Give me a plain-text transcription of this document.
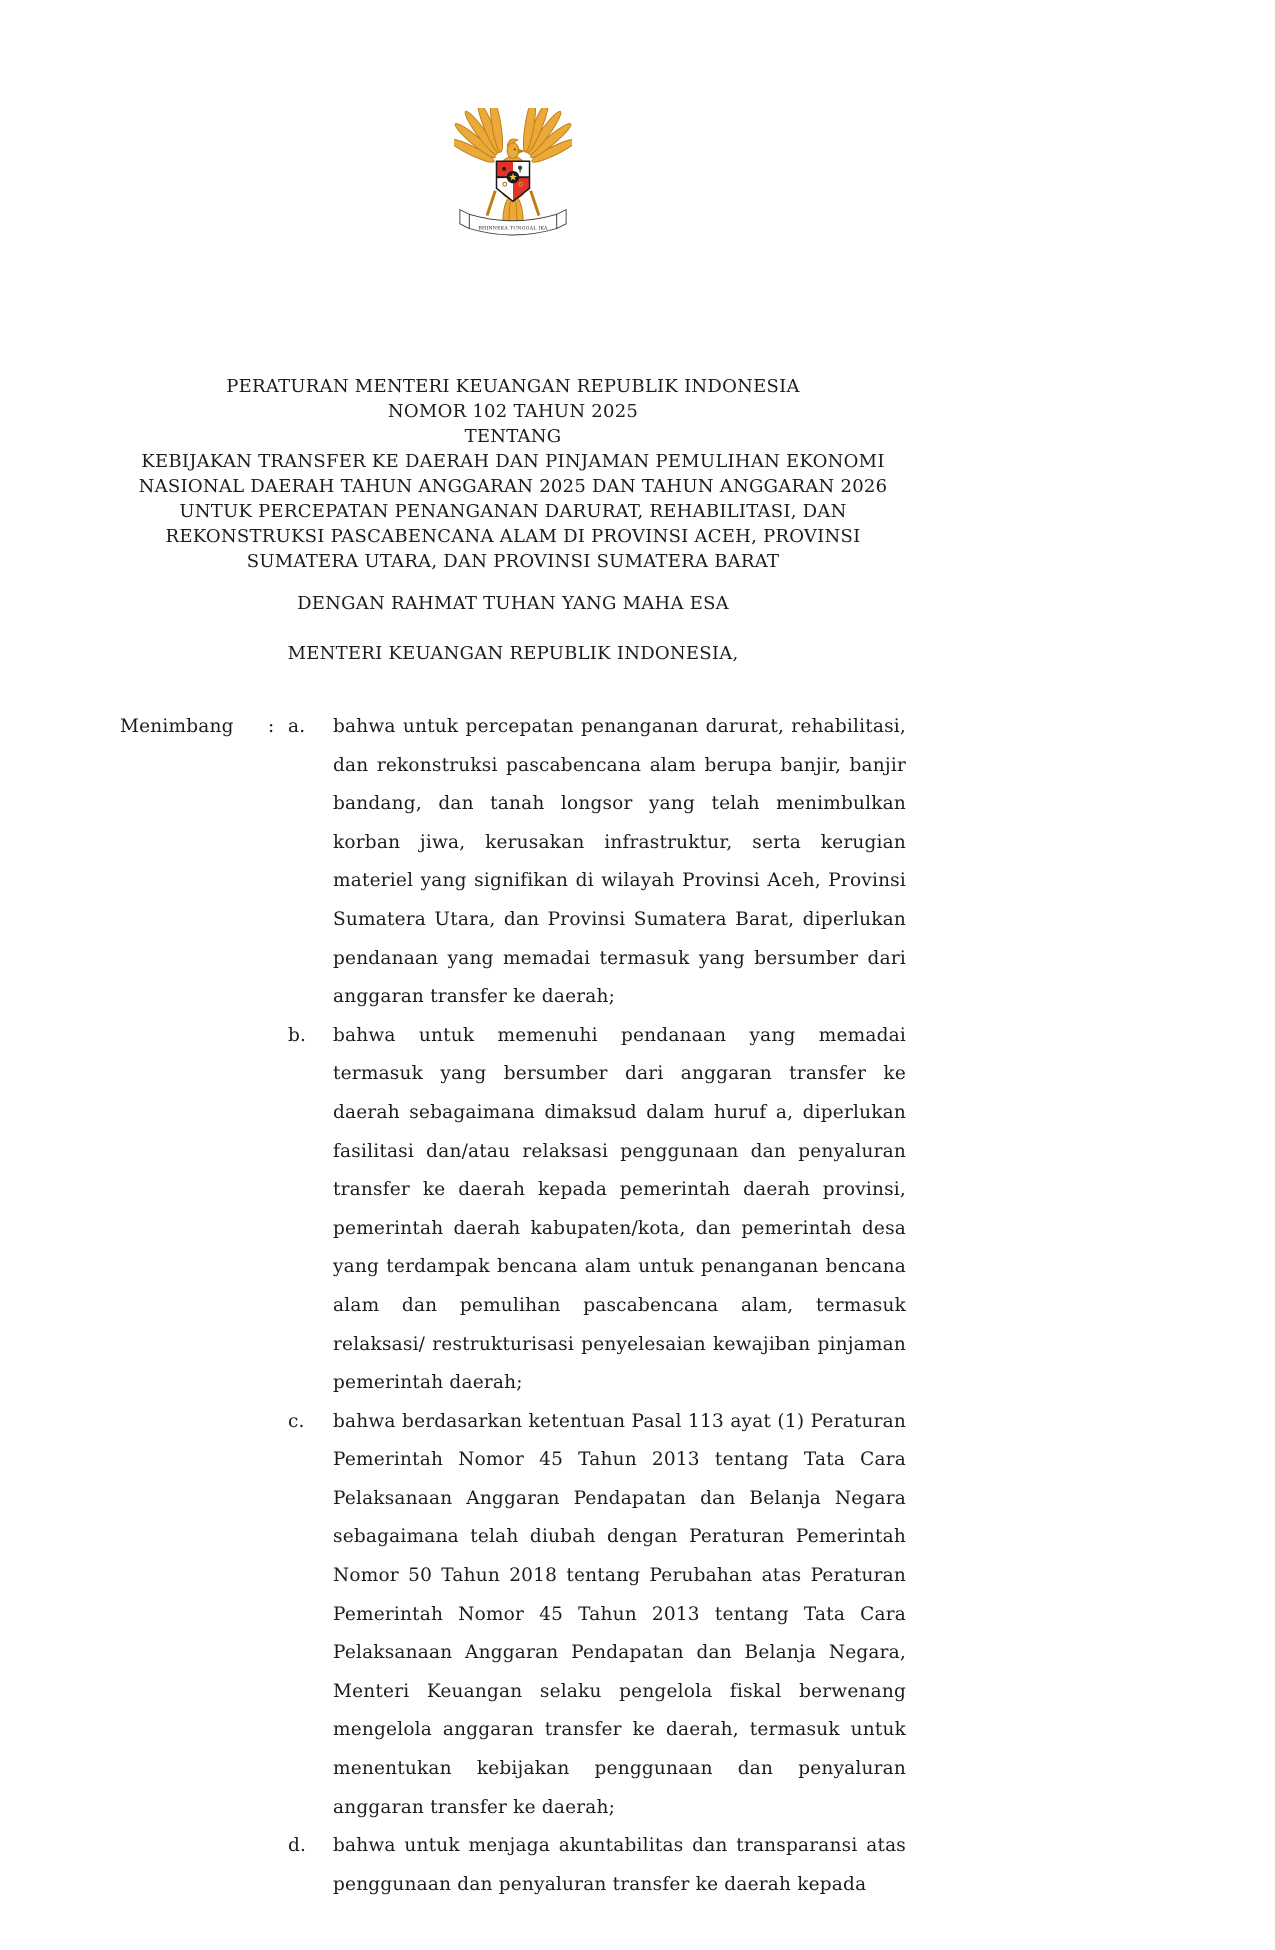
BHINNEKA TUNGGAL IKA

PERATURAN MENTERI KEUANGAN REPUBLIK INDONESIA

NOMOR 102 TAHUN 2025

TENTANG

KEBIJAKAN TRANSFER KE DAERAH DAN PINJAMAN PEMULIHAN EKONOMI NASIONAL DAERAH TAHUN ANGGARAN 2025 DAN TAHUN ANGGARAN 2026 UNTUK PERCEPATAN PENANGANAN DARURAT, REHABILITASI, DAN REKONSTRUKSI PASCABENCANA ALAM DI PROVINSI ACEH, PROVINSI SUMATERA UTARA, DAN PROVINSI SUMATERA BARAT

DENGAN RAHMAT TUHAN YANG MAHA ESA

MENTERI KEUANGAN REPUBLIK INDONESIA,

Menimbang	: a.	bahwa untuk percepatan penanganan darurat, rehabilitasi, dan rekonstruksi pascabencana alam berupa banjir, banjir bandang, dan tanah longsor yang telah menimbulkan korban jiwa, kerusakan infrastruktur, serta kerugian materiel yang signifikan di wilayah Provinsi Aceh, Provinsi Sumatera Utara, dan Provinsi Sumatera Barat, diperlukan pendanaan yang memadai termasuk yang bersumber dari anggaran transfer ke daerah;

b.	bahwa untuk memenuhi pendanaan yang memadai termasuk yang bersumber dari anggaran transfer ke daerah sebagaimana dimaksud dalam huruf a, diperlukan fasilitasi dan/atau relaksasi penggunaan dan penyaluran transfer ke daerah kepada pemerintah daerah provinsi, pemerintah daerah kabupaten/kota, dan pemerintah desa yang terdampak bencana alam untuk penanganan bencana alam dan pemulihan pascabencana alam, termasuk relaksasi/ restrukturisasi penyelesaian kewajiban pinjaman pemerintah daerah;

c.	bahwa berdasarkan ketentuan Pasal 113 ayat (1) Peraturan Pemerintah Nomor 45 Tahun 2013 tentang Tata Cara Pelaksanaan Anggaran Pendapatan dan Belanja Negara sebagaimana telah diubah dengan Peraturan Pemerintah Nomor 50 Tahun 2018 tentang Perubahan atas Peraturan Pemerintah Nomor 45 Tahun 2013 tentang Tata Cara Pelaksanaan Anggaran Pendapatan dan Belanja Negara, Menteri Keuangan selaku pengelola fiskal berwenang mengelola anggaran transfer ke daerah, termasuk untuk menentukan kebijakan penggunaan dan penyaluran anggaran transfer ke daerah;

d.	bahwa untuk menjaga akuntabilitas dan transparansi atas penggunaan dan penyaluran transfer ke daerah kepada
